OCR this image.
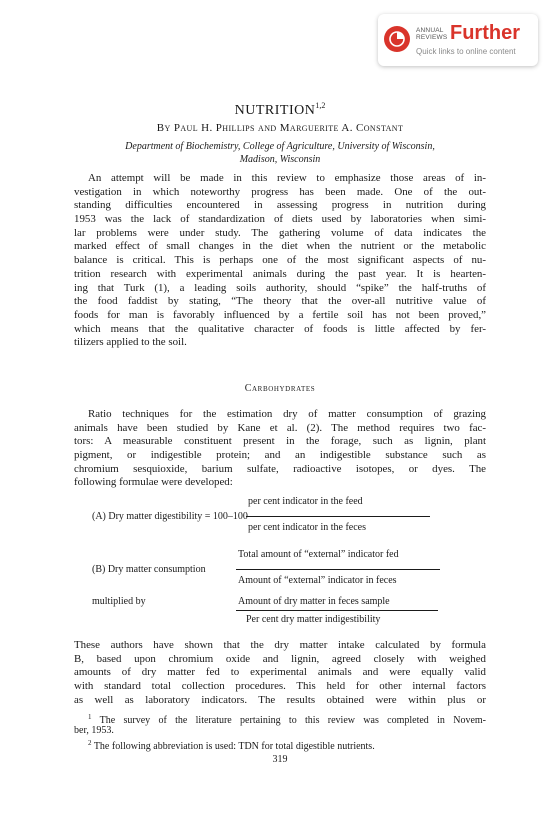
ANNUAL
REVIEWS Further
Quick links to online content
NUTRITION$^{1,2}$
By Paul H. Phillips and Marguerite A. Constant
Department of Biochemistry, College of Agriculture, University of Wisconsin,
Madison, Wisconsin
An attempt will be made in this review to emphasize those areas of in-
vestigation in which noteworthy progress has been made. One of the out-
standing difficulties encountered in assessing progress in nutrition during
1953 was the lack of standardization of diets used by laboratories when simi-
lar problems were under study. The gathering volume of data indicates the
marked effect of small changes in the diet when the nutrient or the metabolic
balance is critical. This is perhaps one of the most significant aspects of nu-
trition research with experimental animals during the past year. It is hearten-
ing that Turk (1), a leading soils authority, should “spike” the half-truths of
the food faddist by stating, “The theory that the over-all nutritive value of
foods for man is favorably influenced by a fertile soil has not been proved,”
which means that the qualitative character of foods is little affected by fer-
tilizers applied to the soil.
Carbohydrates
Ratio techniques for the estimation dry of matter consumption of grazing
animals have been studied by Kane et al. (2). The method requires two fac-
tors: A measurable constituent present in the forage, such as lignin, plant
pigment, or indigestible protein; and an indigestible substance such as
chromium sesquioxide, barium sulfate, radioactive isotopes, or dyes. The
following formulae were developed:
per cent indicator in the feed
(A) Dry matter digestibility = 100–100
per cent indicator in the feces
Total amount of “external” indicator fed
(B) Dry matter consumption
Amount of “external” indicator in feces
multiplied by	Amount of dry matter in feces sample
Per cent dry matter indigestibility
These authors have shown that the dry matter intake calculated by formula
B, based upon chromium oxide and lignin, agreed closely with weighed
amounts of dry matter fed to experimental animals and were equally valid
with standard total collection procedures. This held for other internal factors
as well as laboratory indicators. The results obtained were within plus or
$^1$ The survey of the literature pertaining to this review was completed in Novem-
ber, 1953.
$^2$ The following abbreviation is used: TDN for total digestible nutrients.
319
